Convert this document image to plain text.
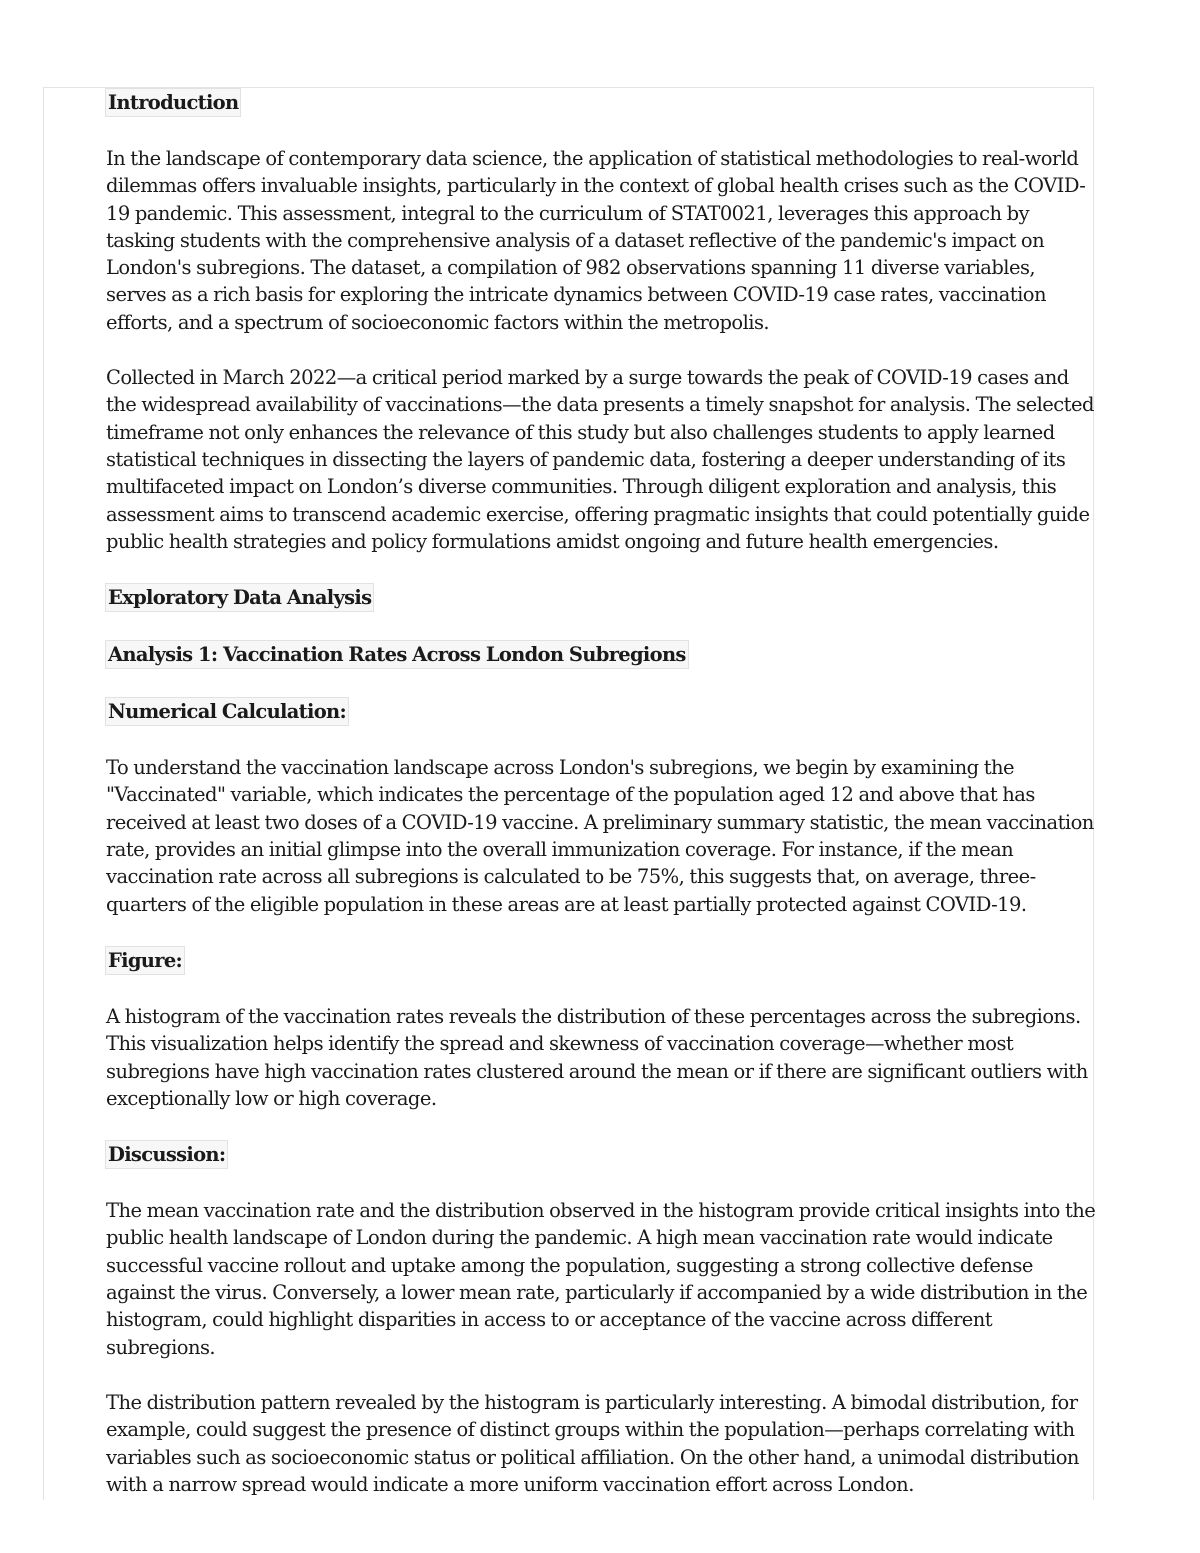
Introduction

In the landscape of contemporary data science, the application of statistical methodologies to real-world dilemmas offers invaluable insights, particularly in the context of global health crises such as the COVID-19 pandemic. This assessment, integral to the curriculum of STAT0021, leverages this approach by tasking students with the comprehensive analysis of a dataset reflective of the pandemic's impact on London's subregions. The dataset, a compilation of 982 observations spanning 11 diverse variables, serves as a rich basis for exploring the intricate dynamics between COVID-19 case rates, vaccination efforts, and a spectrum of socioeconomic factors within the metropolis.

Collected in March 2022—a critical period marked by a surge towards the peak of COVID-19 cases and the widespread availability of vaccinations—the data presents a timely snapshot for analysis. The selected timeframe not only enhances the relevance of this study but also challenges students to apply learned statistical techniques in dissecting the layers of pandemic data, fostering a deeper understanding of its multifaceted impact on London’s diverse communities. Through diligent exploration and analysis, this assessment aims to transcend academic exercise, offering pragmatic insights that could potentially guide public health strategies and policy formulations amidst ongoing and future health emergencies.

Exploratory Data Analysis
Analysis 1: Vaccination Rates Across London Subregions
Numerical Calculation:

To understand the vaccination landscape across London's subregions, we begin by examining the "Vaccinated" variable, which indicates the percentage of the population aged 12 and above that has received at least two doses of a COVID-19 vaccine. A preliminary summary statistic, the mean vaccination rate, provides an initial glimpse into the overall immunization coverage. For instance, if the mean vaccination rate across all subregions is calculated to be 75%, this suggests that, on average, three-quarters of the eligible population in these areas are at least partially protected against COVID-19.

Figure:

A histogram of the vaccination rates reveals the distribution of these percentages across the subregions. This visualization helps identify the spread and skewness of vaccination coverage—whether most subregions have high vaccination rates clustered around the mean or if there are significant outliers with exceptionally low or high coverage.

Discussion:

The mean vaccination rate and the distribution observed in the histogram provide critical insights into the public health landscape of London during the pandemic. A high mean vaccination rate would indicate successful vaccine rollout and uptake among the population, suggesting a strong collective defense against the virus. Conversely, a lower mean rate, particularly if accompanied by a wide distribution in the histogram, could highlight disparities in access to or acceptance of the vaccine across different subregions.

The distribution pattern revealed by the histogram is particularly interesting. A bimodal distribution, for example, could suggest the presence of distinct groups within the population—perhaps correlating with variables such as socioeconomic status or political affiliation. On the other hand, a unimodal distribution with a narrow spread would indicate a more uniform vaccination effort across London.
